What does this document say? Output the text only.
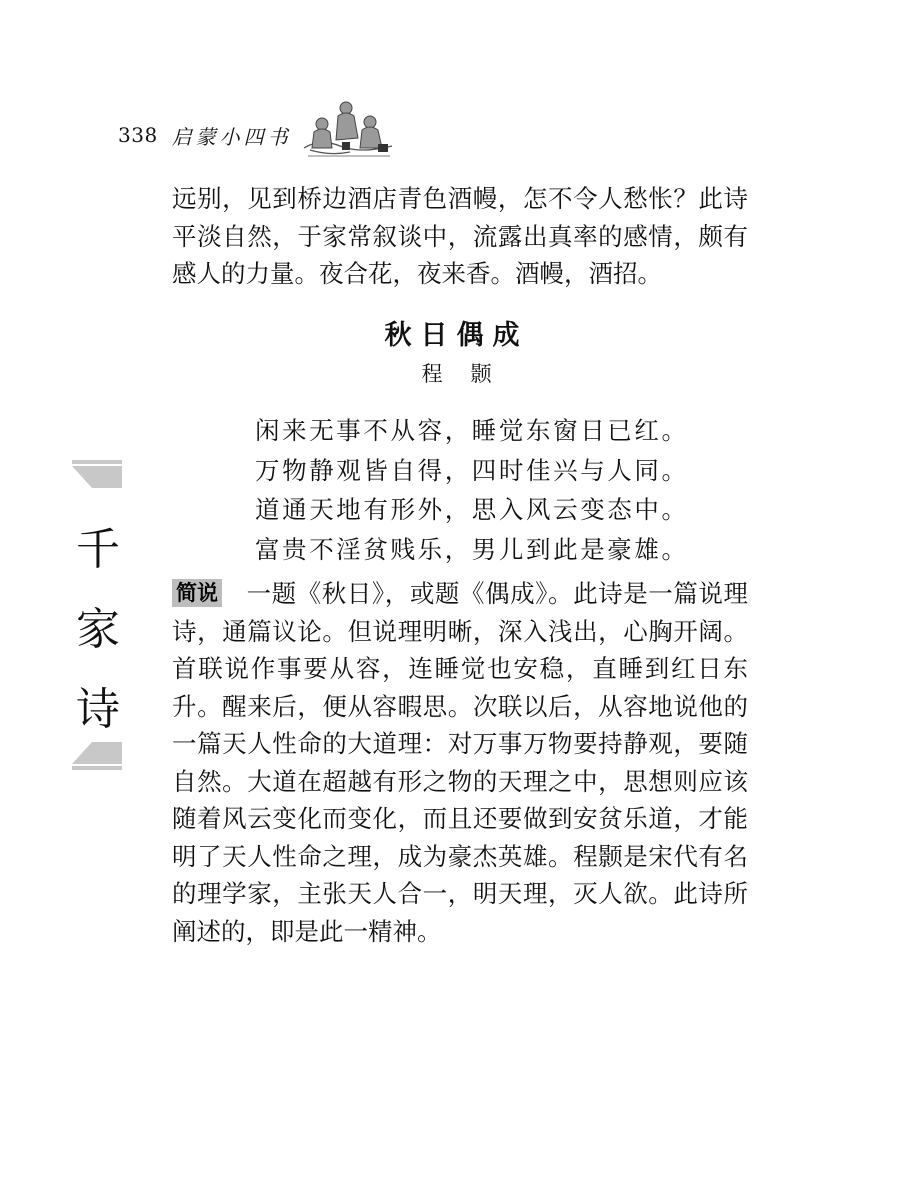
338 启蒙小四书

远别，见到桥边酒店青色酒幔，怎不令人愁怅？此诗平淡自然，于家常叙谈中，流露出真率的感情，颇有感人的力量。夜合花，夜来香。酒幔，酒招。

秋日偶成
程颢
闲来无事不从容，睡觉东窗日已红。
万物静观皆自得，四时佳兴与人同。
道通天地有形外，思入风云变态中。
富贵不淫贫贱乐，男儿到此是豪雄。

简说 一题《秋日》，或题《偶成》。此诗是一篇说理诗，通篇议论。但说理明晰，深入浅出，心胸开阔。首联说作事要从容，连睡觉也安稳，直睡到红日东升。醒来后，便从容暇思。次联以后，从容地说他的一篇天人性命的大道理：对万事万物要持静观，要随自然。大道在超越有形之物的天理之中，思想则应该随着风云变化而变化，而且还要做到安贫乐道，才能明了天人性命之理，成为豪杰英雄。程颢是宋代有名的理学家，主张天人合一，明天理，灭人欲。此诗所阐述的，即是此一精神。

千
家
诗
